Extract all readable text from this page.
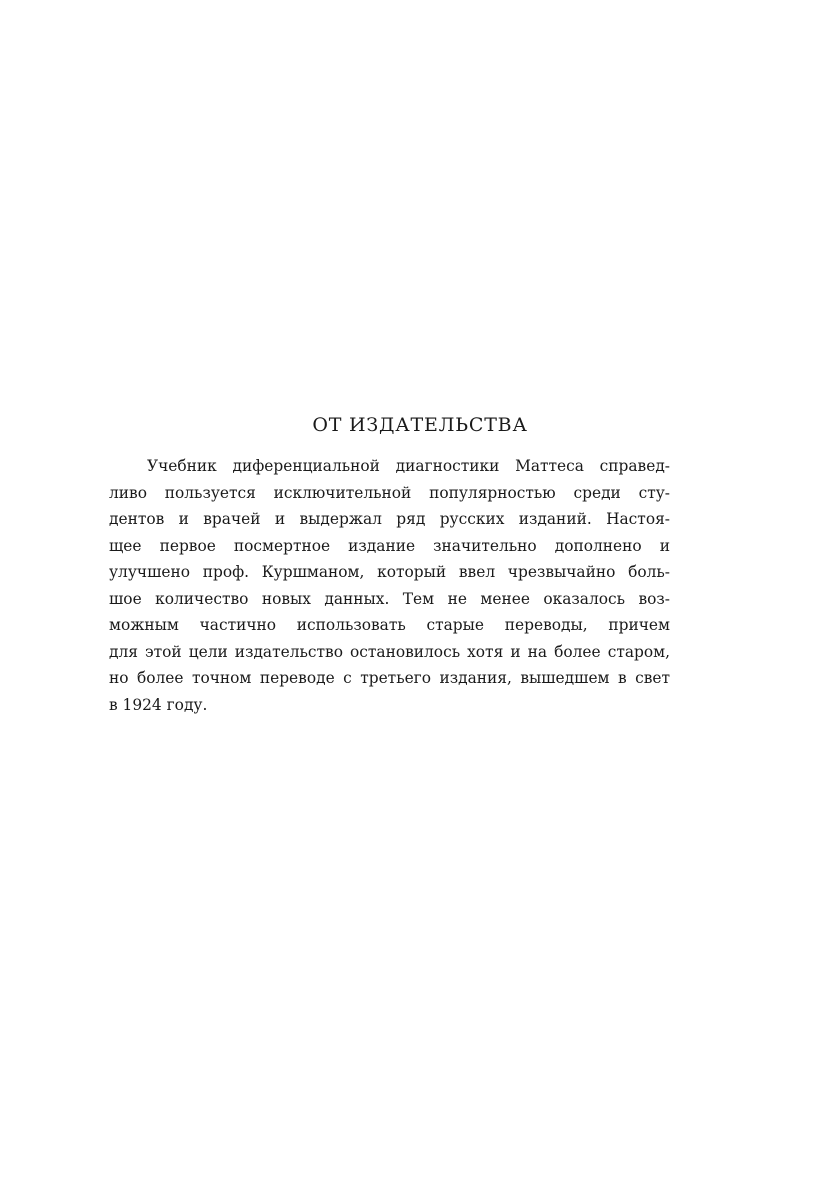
ОТ ИЗДАТЕЛЬСТВА
Учебник диференциальной диагностики Маттеса справед-
ливо пользуется исключительной популярностью среди сту-
дентов и врачей и выдержал ряд русских изданий. Настоя-
щее первое посмертное издание значительно дополнено и
улучшено проф. Куршманом, который ввел чрезвычайно боль-
шое количество новых данных. Тем не менее оказалось воз-
можным частично использовать старые переводы, причем
для этой цели издательство остановилось хотя и на более старом,
но более точном переводе с третьего издания, вышедшем в свет
в 1924 году.
